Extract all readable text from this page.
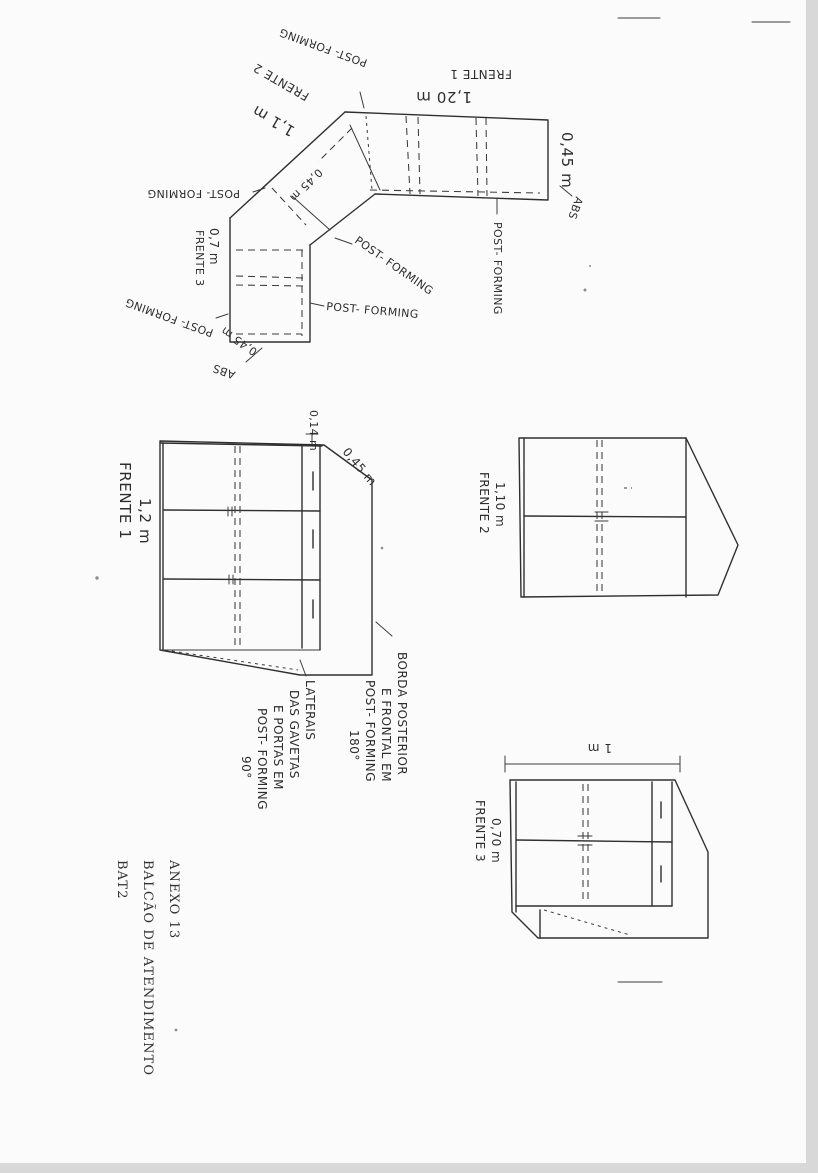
FRENTE 1
1,20 m
0,45 m
ABS
POST- FORMING
POST- FORMING
FRENTE 2
1,1 m
0,45 m
POST- FORMING
POST- FORMING
0,7 m
FRENTE 3
POST- FORMING
POST- FORMING
0,45 m
ABS
FRENTE 1 1,2 m
0,45 m
0,14 m
BORDA POSTERIOR
E FRONTAL EM
POST- FORMING
180°
LATERAIS
DAS GAVETAS
E PORTAS EM
POST- FORMING
90°
1,10 m
FRENTE 2
1 m
0,70 m
FRENTE 3
ANEXO 13
BALCÃO DE ATENDIMENTO
BAT2
